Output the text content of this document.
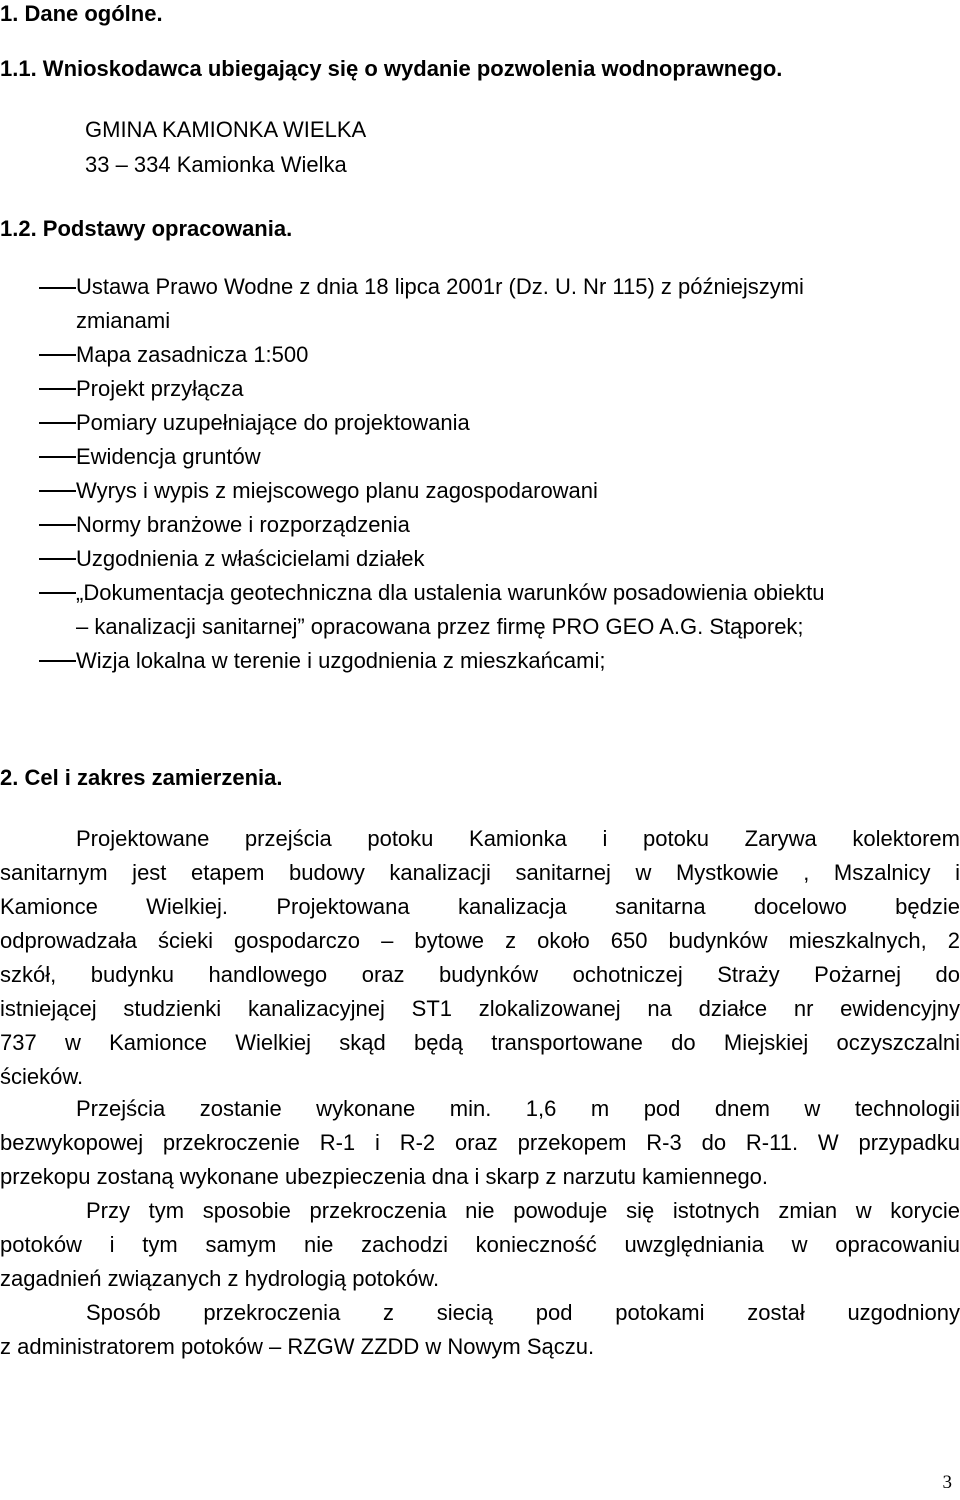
1. Dane ogólne.
1.1. Wnioskodawca ubiegający się o wydanie pozwolenia wodnoprawnego.
GMINA KAMIONKA WIELKA
33 – 334 Kamionka Wielka
1.2. Podstawy opracowania.
Ustawa Prawo Wodne z dnia 18 lipca 2001r (Dz. U. Nr 115) z późniejszymi
zmianami
Mapa zasadnicza 1:500
Projekt przyłącza
Pomiary uzupełniające do projektowania
Ewidencja gruntów
Wyrys i wypis z miejscowego planu zagospodarowani
Normy branżowe i rozporządzenia
Uzgodnienia z właścicielami działek
„Dokumentacja geotechniczna dla ustalenia warunków posadowienia obiektu
– kanalizacji sanitarnej” opracowana przez firmę PRO GEO A.G. Stąporek;
Wizja lokalna w terenie i uzgodnienia z mieszkańcami;
2. Cel i zakres zamierzenia.
Projektowane przejścia potoku Kamionka i potoku Zarywa kolektorem
sanitarnym jest etapem budowy kanalizacji sanitarnej w Mystkowie , Mszalnicy i
Kamionce Wielkiej. Projektowana kanalizacja sanitarna docelowo będzie
odprowadzała ścieki gospodarczo – bytowe z około 650 budynków mieszkalnych, 2
szkół, budynku handlowego oraz budynków ochotniczej Straży Pożarnej do
istniejącej studzienki kanalizacyjnej ST1 zlokalizowanej na działce nr ewidencyjny
737 w Kamionce Wielkiej skąd będą transportowane do Miejskiej oczyszczalni
ścieków.
Przejścia zostanie wykonane min. 1,6 m pod dnem w technologii
bezwykopowej przekroczenie R-1 i R-2 oraz przekopem R-3 do R-11. W przypadku
przekopu zostaną wykonane ubezpieczenia dna i skarp z narzutu kamiennego.
Przy tym sposobie przekroczenia nie powoduje się istotnych zmian w korycie
potoków i tym samym nie zachodzi konieczność uwzględniania w opracowaniu
zagadnień związanych z hydrologią potoków.
Sposób przekroczenia z siecią pod potokami został uzgodniony
z administratorem potoków – RZGW ZZDD w Nowym Sączu.
3
